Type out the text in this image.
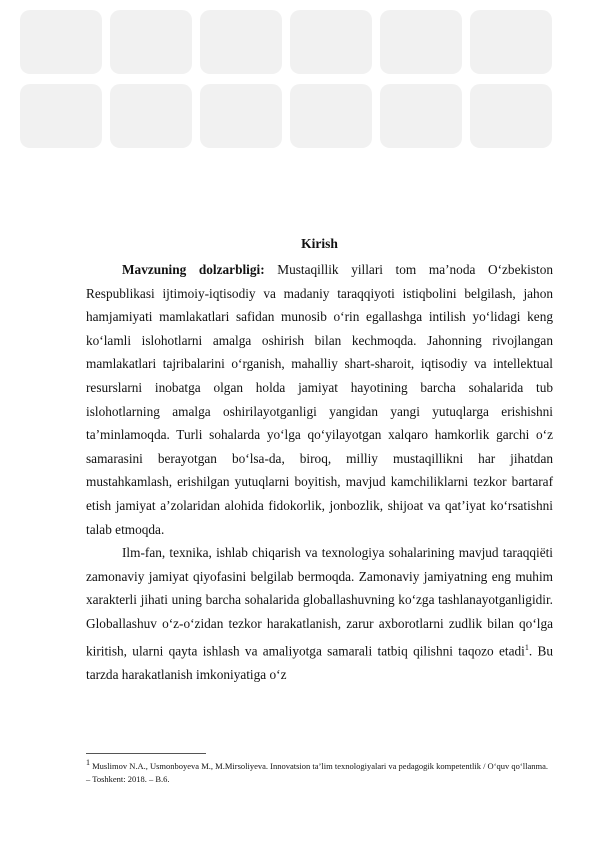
Kirish

Mavzuning dolzarbligi: Mustaqillik yillari tom ma’noda O‘zbekiston Respublikasi ijtimoiy-iqtisodiy va madaniy taraqqiyoti istiqbolini belgilash, jahon hamjamiyati mamlakatlari safidan munosib o‘rin egallashga intilish yo‘lidagi keng ko‘lamli islohotlarni amalga oshirish bilan kechmoqda. Jahonning rivojlangan mamlakatlari tajribalarini o‘rganish, mahalliy shart-sharoit, iqtisodiy va intellektual resurslarni inobatga olgan holda jamiyat hayotining barcha sohalarida tub islohotlarning amalga oshirilayotganligi yangidan yangi yutuqlarga erishishni ta’minlamoqda. Turli sohalarda yo‘lga qo‘yilayotgan xalqaro hamkorlik garchi o‘z samarasini berayotgan bo‘lsa-da, biroq, milliy mustaqillikni har jihatdan mustahkamlash, erishilgan yutuqlarni boyitish, mavjud kamchiliklarni tezkor bartaraf etish jamiyat a’zolaridan alohida fidokorlik, jonbozlik, shijoat va qat’iyat ko‘rsatishni talab etmoqda.

Ilm-fan, texnika, ishlab chiqarish va texnologiya sohalarining mavjud taraqqiёti zamonaviy jamiyat qiyofasini belgilab bermoqda. Zamonaviy jamiyatning eng muhim xarakterli jihati uning barcha sohalarida globallashuvning ko‘zga tashlanayotganligidir. Globallashuv o‘z-o‘zidan tezkor harakatlanish, zarur axborotlarni zudlik bilan qo‘lga kiritish, ularni qayta ishlash va amaliyotga samarali tatbiq qilishni taqozo etadi$^1$. Bu tarzda harakatlanish imkoniyatiga o‘z

$^1$ Muslimov N.A., Usmonboyeva M., M.Mirsoliyeva. Innovatsion ta’lim texnologiyalari va pedagogik kompetentlik / O‘quv qo‘llanma. – Toshkent: 2018. – B.6.
